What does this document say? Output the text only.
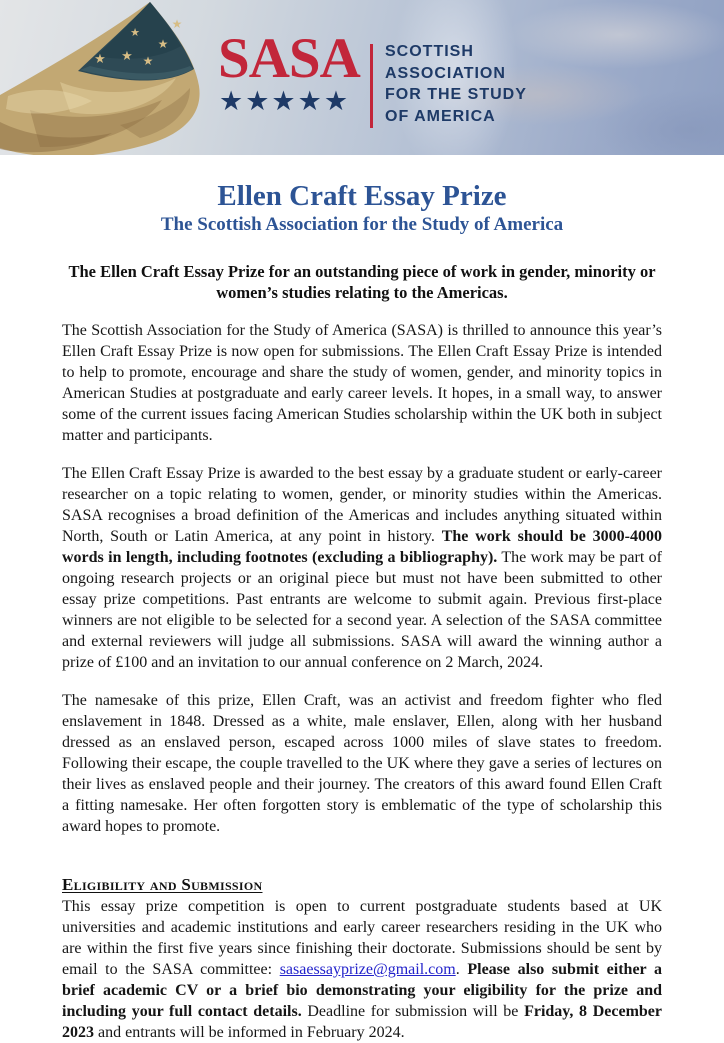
★
★
★ ★
★
★ SASA
★★★★★
SCOTTISH
ASSOCIATION
FOR THE STUDY
OF AMERICA
Ellen Craft Essay Prize
The Scottish Association for the Study of America

The Ellen Craft Essay Prize for an outstanding piece of work in gender, minority or women’s studies relating to the Americas.

The Scottish Association for the Study of America (SASA) is thrilled to announce this year’s Ellen Craft Essay Prize is now open for submissions. The Ellen Craft Essay Prize is intended to help to promote, encourage and share the study of women, gender, and minority topics in American Studies at postgraduate and early career levels. It hopes, in a small way, to answer some of the current issues facing American Studies scholarship within the UK both in subject matter and participants.

The Ellen Craft Essay Prize is awarded to the best essay by a graduate student or early-career researcher on a topic relating to women, gender, or minority studies within the Americas. SASA recognises a broad definition of the Americas and includes anything situated within North, South or Latin America, at any point in history. The work should be 3000-4000 words in length, including footnotes (excluding a bibliography). The work may be part of ongoing research projects or an original piece but must not have been submitted to other essay prize competitions. Past entrants are welcome to submit again. Previous first-place winners are not eligible to be selected for a second year. A selection of the SASA committee and external reviewers will judge all submissions. SASA will award the winning author a prize of £100 and an invitation to our annual conference on 2 March, 2024.

The namesake of this prize, Ellen Craft, was an activist and freedom fighter who fled enslavement in 1848. Dressed as a white, male enslaver, Ellen, along with her husband dressed as an enslaved person, escaped across 1000 miles of slave states to freedom. Following their escape, the couple travelled to the UK where they gave a series of lectures on their lives as enslaved people and their journey. The creators of this award found Ellen Craft a fitting namesake. Her often forgotten story is emblematic of the type of scholarship this award hopes to promote.

Eligibility and Submission

This essay prize competition is open to current postgraduate students based at UK universities and academic institutions and early career researchers residing in the UK who are within the first five years since finishing their doctorate. Submissions should be sent by email to the SASA committee: sasaessayprize@gmail.com. Please also submit either a brief academic CV or a brief bio demonstrating your eligibility for the prize and including your full contact details. Deadline for submission will be Friday, 8 December 2023 and entrants will be informed in February 2024.
